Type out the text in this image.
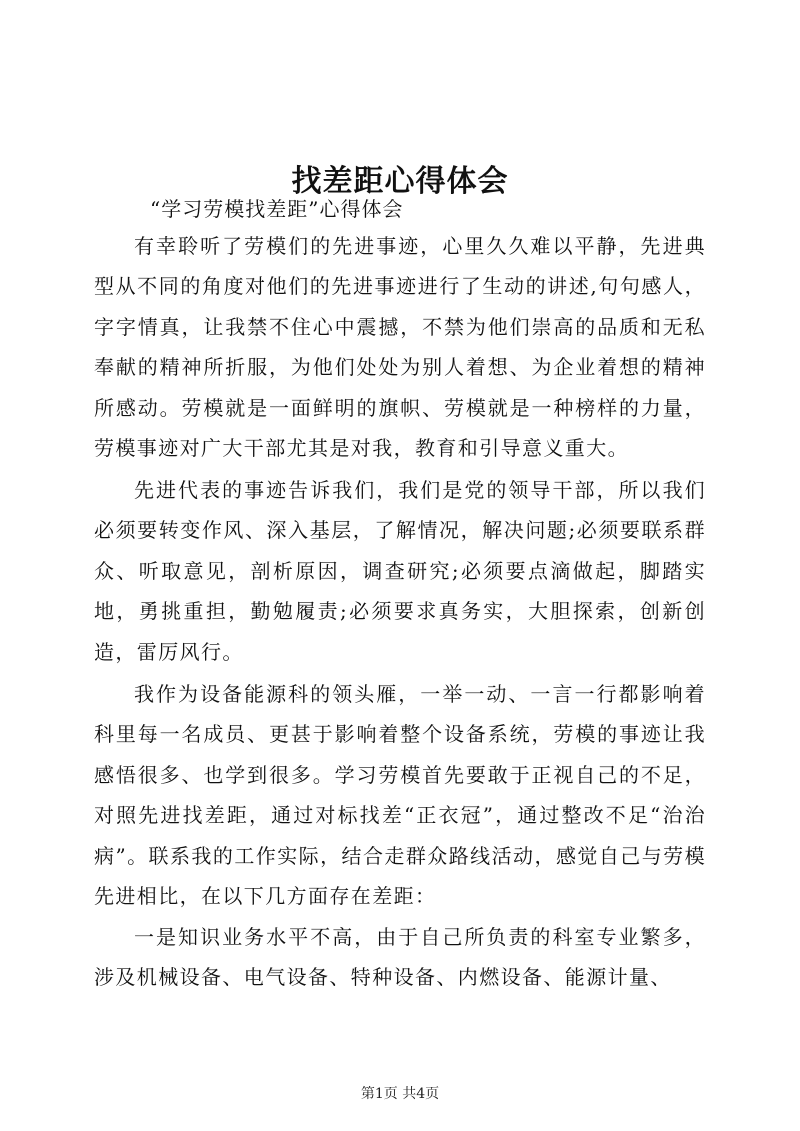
找差距心得体会
“学习劳模找差距”心得体会

有幸聆听了劳模们的先进事迹，心里久久难以平静，先进典型从不同的角度对他们的先进事迹进行了生动的讲述,句句感人，字字情真，让我禁不住心中震撼，不禁为他们崇高的品质和无私奉献的精神所折服，为他们处处为别人着想、为企业着想的精神所感动。劳模就是一面鲜明的旗帜、劳模就是一种榜样的力量，劳模事迹对广大干部尤其是对我，教育和引导意义重大。

先进代表的事迹告诉我们，我们是党的领导干部，所以我们必须要转变作风、深入基层，了解情况，解决问题;必须要联系群众、听取意见，剖析原因，调查研究;必须要点滴做起，脚踏实地，勇挑重担，勤勉履责;必须要求真务实，大胆探索，创新创造，雷厉风行。

我作为设备能源科的领头雁，一举一动、一言一行都影响着科里每一名成员、更甚于影响着整个设备系统，劳模的事迹让我感悟很多、也学到很多。学习劳模首先要敢于正视自己的不足，对照先进找差距，通过对标找差“正衣冠”，通过整改不足“治治病”。联系我的工作实际，结合走群众路线活动，感觉自己与劳模先进相比，在以下几方面存在差距：

一是知识业务水平不高，由于自己所负责的科室专业繁多，涉及机械设备、电气设备、特种设备、内燃设备、能源计量、

第1页 共4页
